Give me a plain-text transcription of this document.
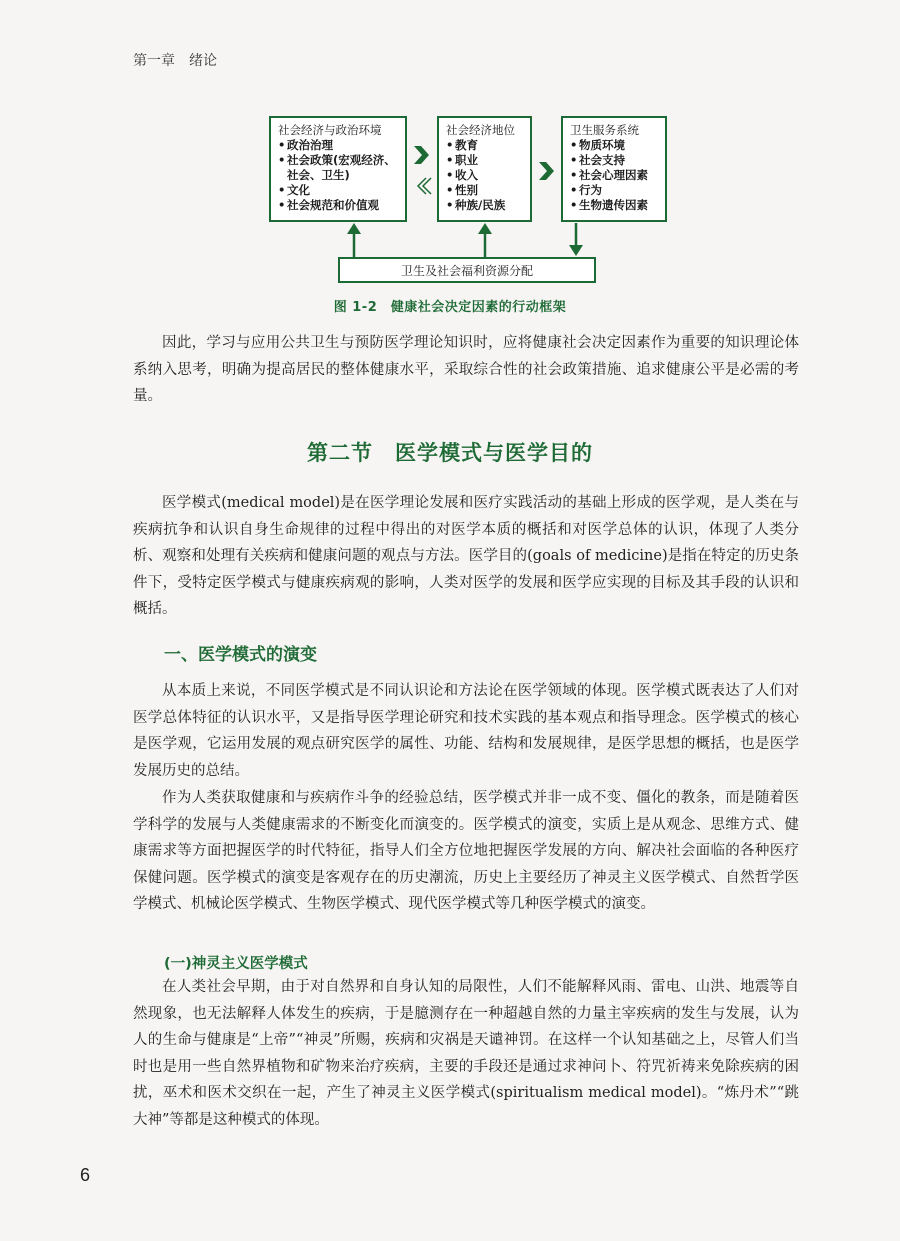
第一章　绪论
社会经济与政治环境
• 政治治理
• 社会政策(宏观经济、社会、卫生)
• 文化
• 社会规范和价值观
社会经济地位
• 教育
• 职业
• 收入
• 性别
• 种族/民族
卫生服务系统
• 物质环境
• 社会支持
• 社会心理因素
• 行为
• 生物遗传因素
卫生及社会福利资源分配
图 1-2　健康社会决定因素的行动框架

因此，学习与应用公共卫生与预防医学理论知识时，应将健康社会决定因素作为重要的知识理论体系纳入思考，明确为提高居民的整体健康水平，采取综合性的社会政策措施、追求健康公平是必需的考量。

第二节　医学模式与医学目的

医学模式(medical model)是在医学理论发展和医疗实践活动的基础上形成的医学观，是人类在与疾病抗争和认识自身生命规律的过程中得出的对医学本质的概括和对医学总体的认识，体现了人类分析、观察和处理有关疾病和健康问题的观点与方法。医学目的(goals of medicine)是指在特定的历史条件下，受特定医学模式与健康疾病观的影响，人类对医学的发展和医学应实现的目标及其手段的认识和概括。

一、医学模式的演变

从本质上来说，不同医学模式是不同认识论和方法论在医学领域的体现。医学模式既表达了人们对医学总体特征的认识水平，又是指导医学理论研究和技术实践的基本观点和指导理念。医学模式的核心是医学观，它运用发展的观点研究医学的属性、功能、结构和发展规律，是医学思想的概括，也是医学发展历史的总结。

作为人类获取健康和与疾病作斗争的经验总结，医学模式并非一成不变、僵化的教条，而是随着医学科学的发展与人类健康需求的不断变化而演变的。医学模式的演变，实质上是从观念、思维方式、健康需求等方面把握医学的时代特征，指导人们全方位地把握医学发展的方向、解决社会面临的各种医疗保健问题。医学模式的演变是客观存在的历史潮流，历史上主要经历了神灵主义医学模式、自然哲学医学模式、机械论医学模式、生物医学模式、现代医学模式等几种医学模式的演变。

(一)神灵主义医学模式

在人类社会早期，由于对自然界和自身认知的局限性，人们不能解释风雨、雷电、山洪、地震等自然现象，也无法解释人体发生的疾病，于是臆测存在一种超越自然的力量主宰疾病的发生与发展，认为人的生命与健康是“上帝”“神灵”所赐，疾病和灾祸是天谴神罚。在这样一个认知基础之上，尽管人们当时也是用一些自然界植物和矿物来治疗疾病，主要的手段还是通过求神问卜、符咒祈祷来免除疾病的困扰，巫术和医术交织在一起，产生了神灵主义医学模式(spiritualism medical model)。“炼丹术”“跳大神”等都是这种模式的体现。

6
